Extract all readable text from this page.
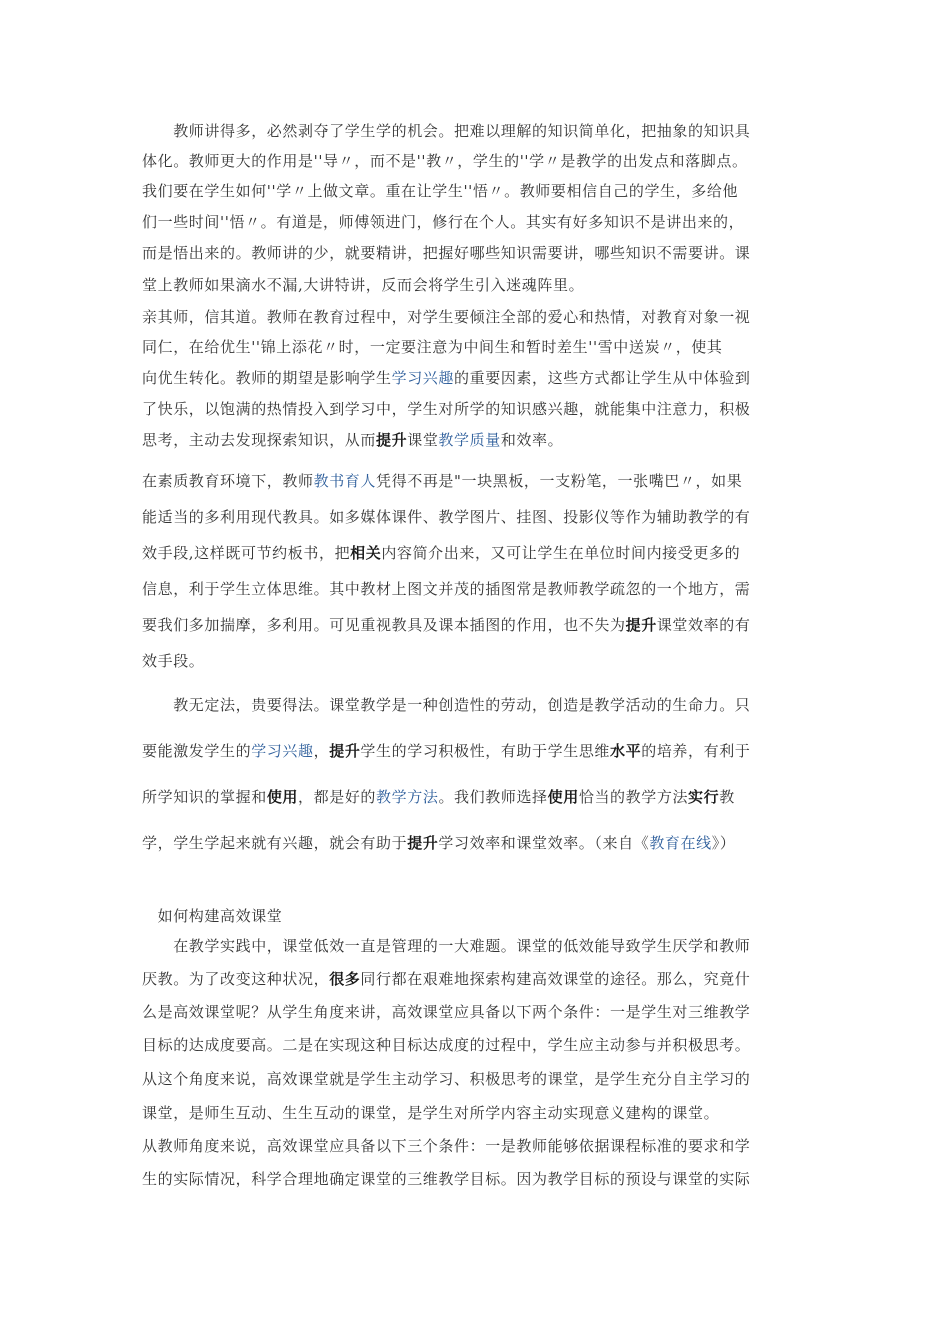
　　教师讲得多，必然剥夺了学生学的机会。把难以理解的知识简单化，把抽象的知识具
体化。教师更大的作用是''导〃，而不是''教〃，学生的''学〃是教学的出发点和落脚点。
我们要在学生如何''学〃上做文章。重在让学生''悟〃。教师要相信自己的学生，多给他
们一些时间''悟〃。有道是，师傅领进门，修行在个人。其实有好多知识不是讲出来的，
而是悟出来的。教师讲的少，就要精讲，把握好哪些知识需要讲，哪些知识不需要讲。课
堂上教师如果滴水不漏,大讲特讲，反而会将学生引入迷魂阵里。
亲其师，信其道。教师在教育过程中，对学生要倾注全部的爱心和热情，对教育对象一视
同仁，在给优生''锦上添花〃时，一定要注意为中间生和暂时差生''雪中送炭〃，使其
向优生转化。教师的期望是影响学生学习兴趣的重要因素，这些方式都让学生从中体验到
了快乐，以饱满的热情投入到学习中，学生对所学的知识感兴趣，就能集中注意力，积极
思考，主动去发现探索知识，从而提升课堂教学质量和效率。
在素质教育环境下，教师教书育人凭得不再是"一块黑板，一支粉笔，一张嘴巴〃，如果
能适当的多利用现代教具。如多媒体课件、教学图片、挂图、投影仪等作为辅助教学的有
效手段,这样既可节约板书，把相关内容简介出来，又可让学生在单位时间内接受更多的
信息，利于学生立体思维。其中教材上图文并茂的插图常是教师教学疏忽的一个地方，需
要我们多加揣摩，多利用。可见重视教具及课本插图的作用，也不失为提升课堂效率的有
效手段。
　　教无定法，贵要得法。课堂教学是一种创造性的劳动，创造是教学活动的生命力。只
要能激发学生的学习兴趣，提升学生的学习积极性，有助于学生思维水平的培养，有利于
所学知识的掌握和使用，都是好的教学方法。我们教师选择使用恰当的教学方法实行教
学，学生学起来就有兴趣，就会有助于提升学习效率和课堂效率。（来自《教育在线》）
　如何构建高效课堂
　　在教学实践中，课堂低效一直是管理的一大难题。课堂的低效能导致学生厌学和教师
厌教。为了改变这种状况，很多同行都在艰难地探索构建高效课堂的途径。那么，究竟什
么是高效课堂呢？从学生角度来讲，高效课堂应具备以下两个条件：一是学生对三维教学
目标的达成度要高。二是在实现这种目标达成度的过程中，学生应主动参与并积极思考。
从这个角度来说，高效课堂就是学生主动学习、积极思考的课堂，是学生充分自主学习的
课堂，是师生互动、生生互动的课堂，是学生对所学内容主动实现意义建构的课堂。
从教师角度来说，高效课堂应具备以下三个条件：一是教师能够依据课程标准的要求和学
生的实际情况，科学合理地确定课堂的三维教学目标。因为教学目标的预设与课堂的实际
